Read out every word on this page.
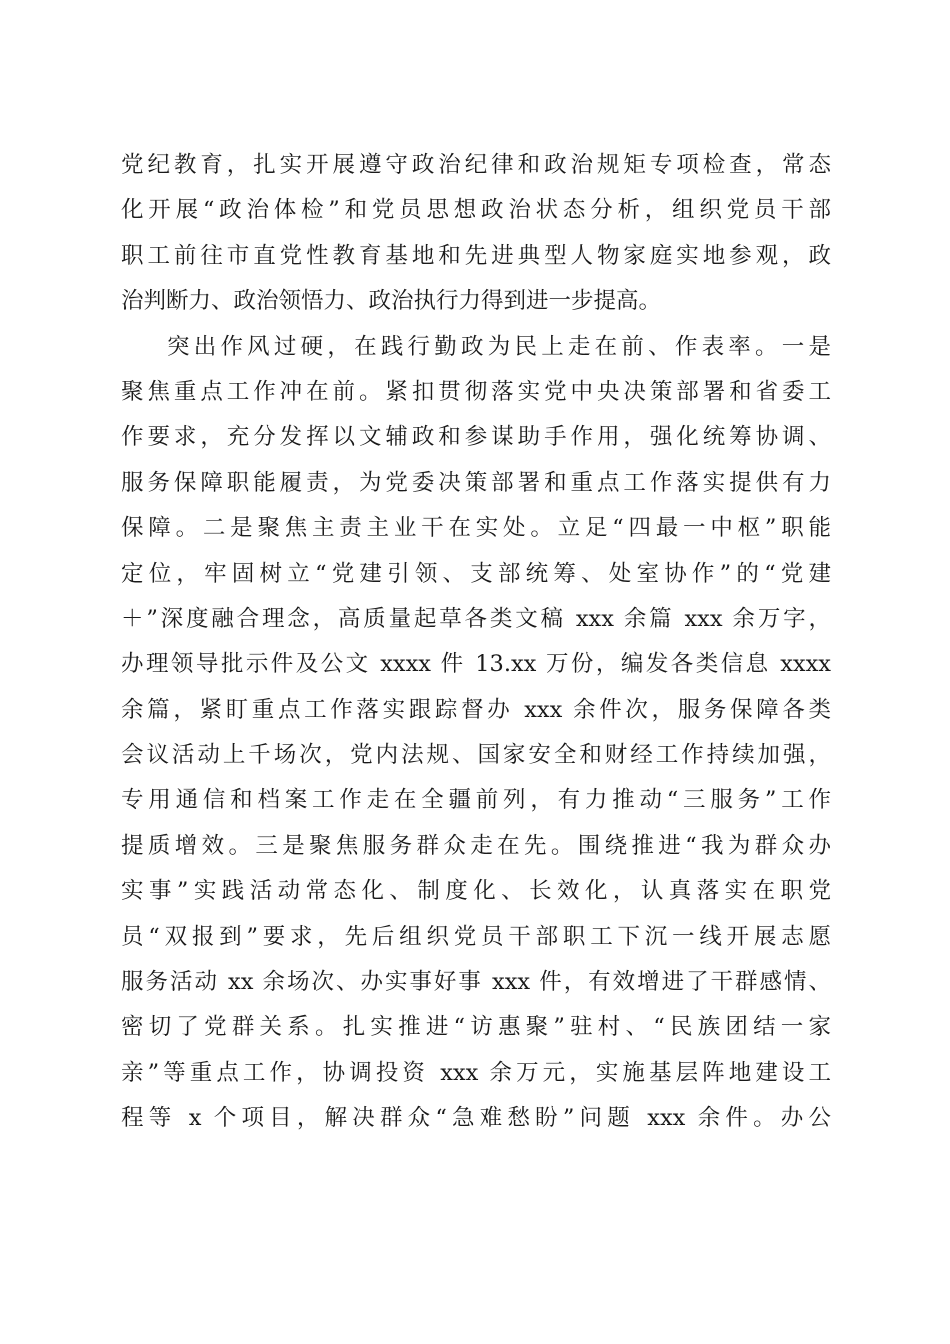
党纪教育，扎实开展遵守政治纪律和政治规矩专项检查，常态
化开展“政治体检”和党员思想政治状态分析，组织党员干部
职工前往市直党性教育基地和先进典型人物家庭实地参观，政
治判断力、政治领悟力、政治执行力得到进一步提高。
突出作风过硬，在践行勤政为民上走在前、作表率。一是
聚焦重点工作冲在前。紧扣贯彻落实党中央决策部署和省委工
作要求，充分发挥以文辅政和参谋助手作用，强化统筹协调、
服务保障职能履责，为党委决策部署和重点工作落实提供有力
保障。二是聚焦主责主业干在实处。立足“四最一中枢”职能
定位，牢固树立“党建引领、支部统筹、处室协作”的“党建
＋”深度融合理念，高质量起草各类文稿 xxx 余篇 xxx 余万字，
办理领导批示件及公文 xxxx 件 13.xx 万份，编发各类信息 xxxx
余篇，紧盯重点工作落实跟踪督办 xxx 余件次，服务保障各类
会议活动上千场次，党内法规、国家安全和财经工作持续加强，
专用通信和档案工作走在全疆前列，有力推动“三服务”工作
提质增效。三是聚焦服务群众走在先。围绕推进“我为群众办
实事”实践活动常态化、制度化、长效化，认真落实在职党
员“双报到”要求，先后组织党员干部职工下沉一线开展志愿
服务活动 xx 余场次、办实事好事 xxx 件，有效增进了干群感情、
密切了党群关系。扎实推进“访惠聚”驻村、“民族团结一家
亲”等重点工作，协调投资 xxx 余万元，实施基层阵地建设工
程等 x 个项目，解决群众“急难愁盼”问题 xxx 余件。办公
